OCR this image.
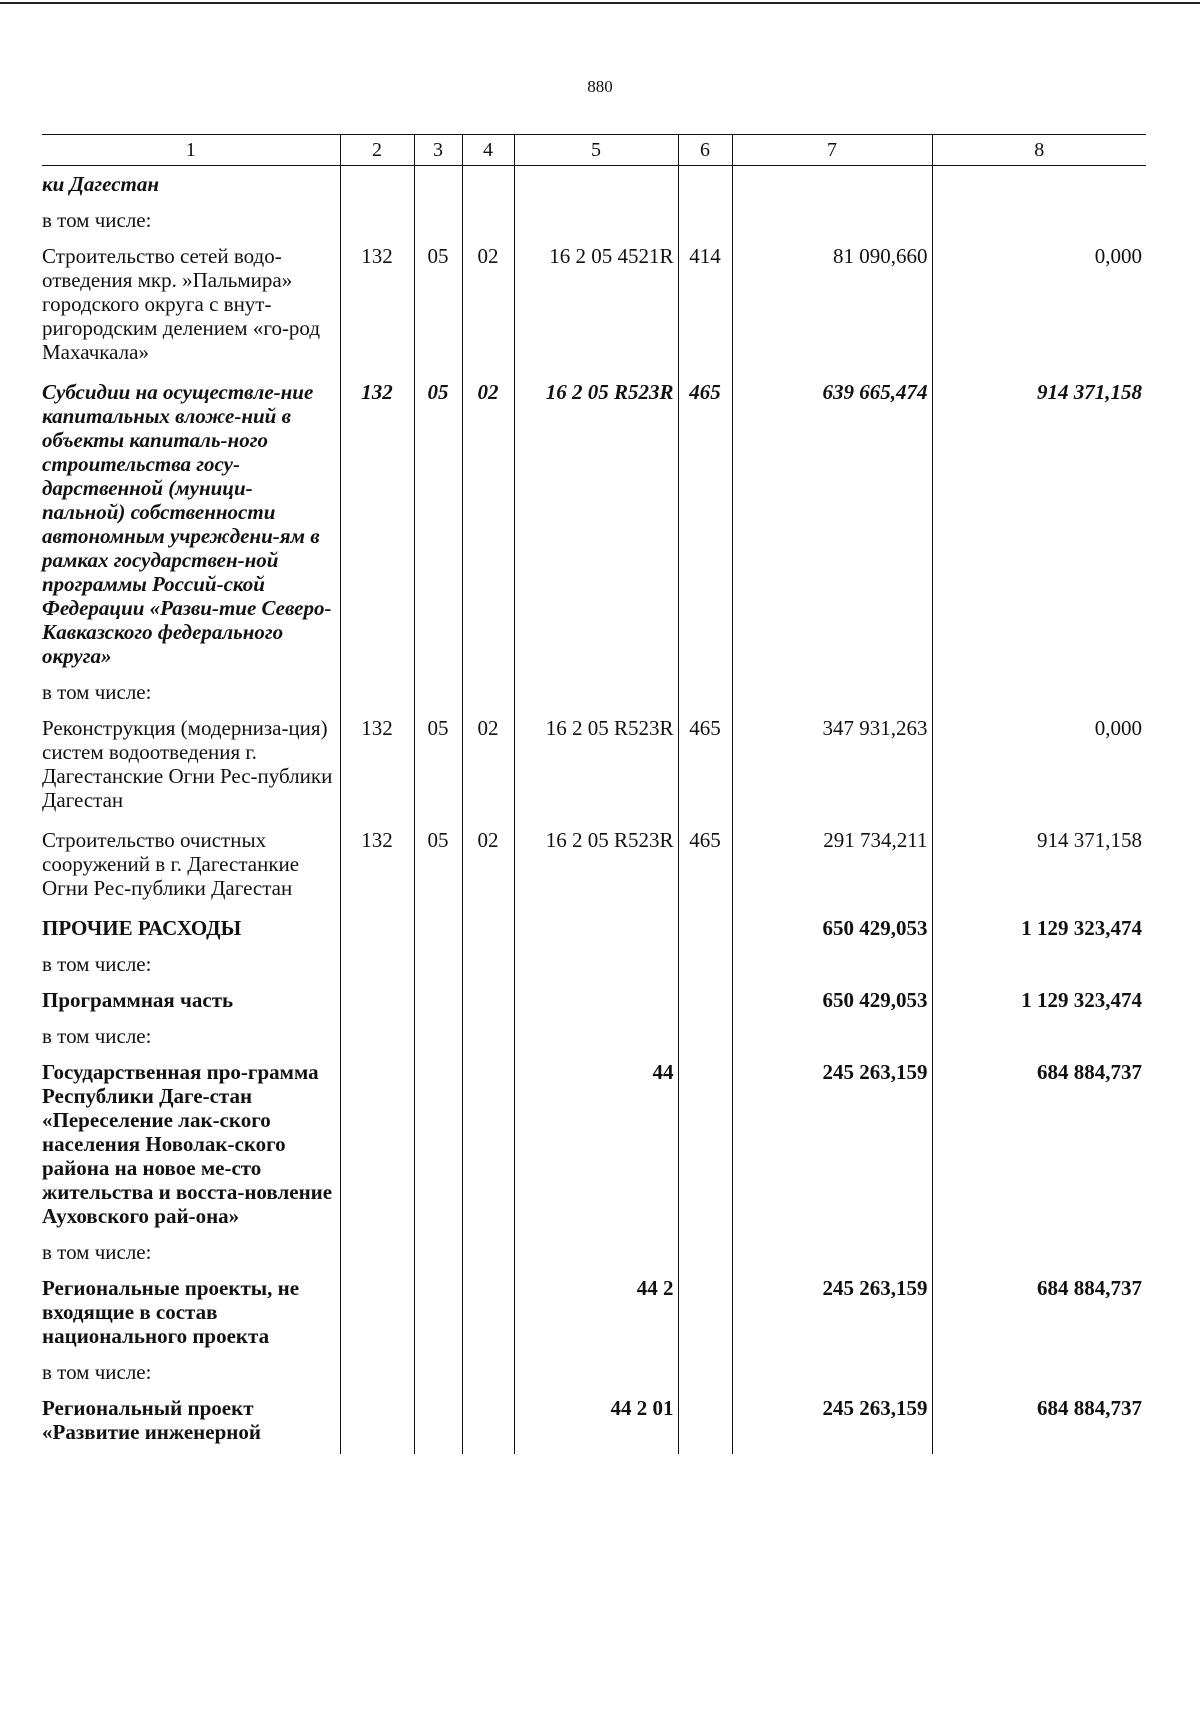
880
1	2	3	4	5	6	7	8
ки Дагестан							
в том числе:							
Строительство сетей водо-отведения мкр. »Пальмира» городского округа с внут-ригородским делением «го-род Махачкала»	132	05	02	16 2 05 4521R	414	81 090,660	0,000
Субсидии на осуществле-ние капитальных вложе-ний в объекты капиталь-ного строительства госу-дарственной (муници-пальной) собственности автономным учреждени-ям в рамках государствен-ной программы Россий-ской Федерации «Разви-тие Северо-Кавказского федерального округа»	132	05	02	16 2 05 R523R	465	639 665,474	914 371,158
в том числе:							
Реконструкция (модерниза-ция) систем водоотведения г. Дагестанские Огни Рес-публики Дагестан	132	05	02	16 2 05 R523R	465	347 931,263	0,000
Строительство очистных сооружений в г. Дагестанкие Огни Рес-публики Дагестан	132	05	02	16 2 05 R523R	465	291 734,211	914 371,158
ПРОЧИЕ РАСХОДЫ						650 429,053	1 129 323,474
в том числе:							
Программная часть						650 429,053	1 129 323,474
в том числе:							
Государственная про-грамма Республики Даге-стан «Переселение лак-ского населения Новолак-ского района на новое ме-сто жительства и восста-новление Ауховского рай-она»				44		245 263,159	684 884,737
в том числе:							
Региональные проекты, не входящие в состав национального проекта				44 2		245 263,159	684 884,737
в том числе:							
Региональный проект «Развитие инженерной				44 2 01		245 263,159	684 884,737
